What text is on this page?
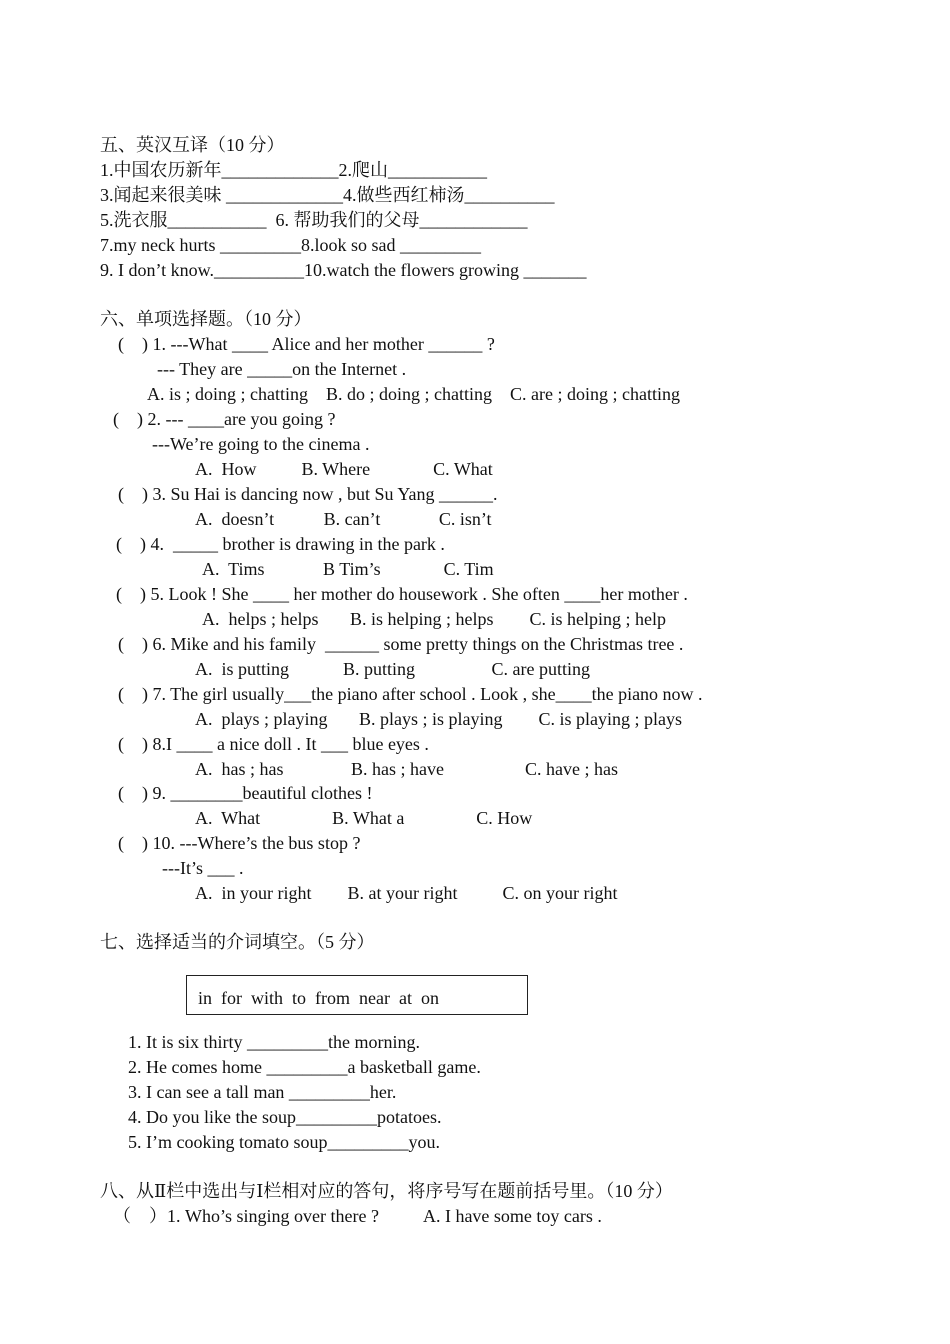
五、英汉互译（10 分）
1.中国农历新年_____________2.爬山___________
3.闻起来很美味 _____________4.做些西红柿汤__________
5.洗衣服___________  6. 帮助我们的父母____________
7.my neck hurts _________8.look so sad _________
9. I don’t know.__________10.watch the flowers growing _______
六、单项选择题。（10 分）
(    ) 1. ---What ____ Alice and her mother ______ ?
--- They are _____on the Internet .
A. is ; doing ; chatting    B. do ; doing ; chatting    C. are ; doing ; chatting
(    ) 2. --- ____are you going ?
---We’re going to the cinema .
A.  How          B. Where              C. What
(    ) 3. Su Hai is dancing now , but Su Yang ______.
A.  doesn’t           B. can’t             C. isn’t
(    ) 4.  _____ brother is drawing in the park .
A.  Tims             B Tim’s              C. Tim
(    ) 5. Look ! She ____ her mother do housework . She often ____her mother .
A.  helps ; helps       B. is helping ; helps        C. is helping ; help
(    ) 6. Mike and his family  ______ some pretty things on the Christmas tree .
A.  is putting            B. putting                 C. are putting
(    ) 7. The girl usually___the piano after school . Look , she____the piano now .
A.  plays ; playing       B. plays ; is playing        C. is playing ; plays
(    ) 8.I ____ a nice doll . It ___ blue eyes .
A.  has ; has               B. has ; have                  C. have ; has
(    ) 9. ________beautiful clothes !
A.  What                B. What a                C. How
(    ) 10. ---Where’s the bus stop ?
---It’s ___ .
A.  in your right        B. at your right          C. on your right
七、选择适当的介词填空。（5 分）
in  for  with  to  from  near  at  on
1. It is six thirty _________the morning.
2. He comes home _________a basketball game.
3. I can see a tall man _________her.
4. Do you like the soup_________potatoes.
5. I’m cooking tomato soup_________you.
八、从Ⅱ栏中选出与Ⅰ栏相对应的答句，将序号写在题前括号里。（10 分）
（    ）1. Who’s singing over there ?          A. I have some toy cars .
